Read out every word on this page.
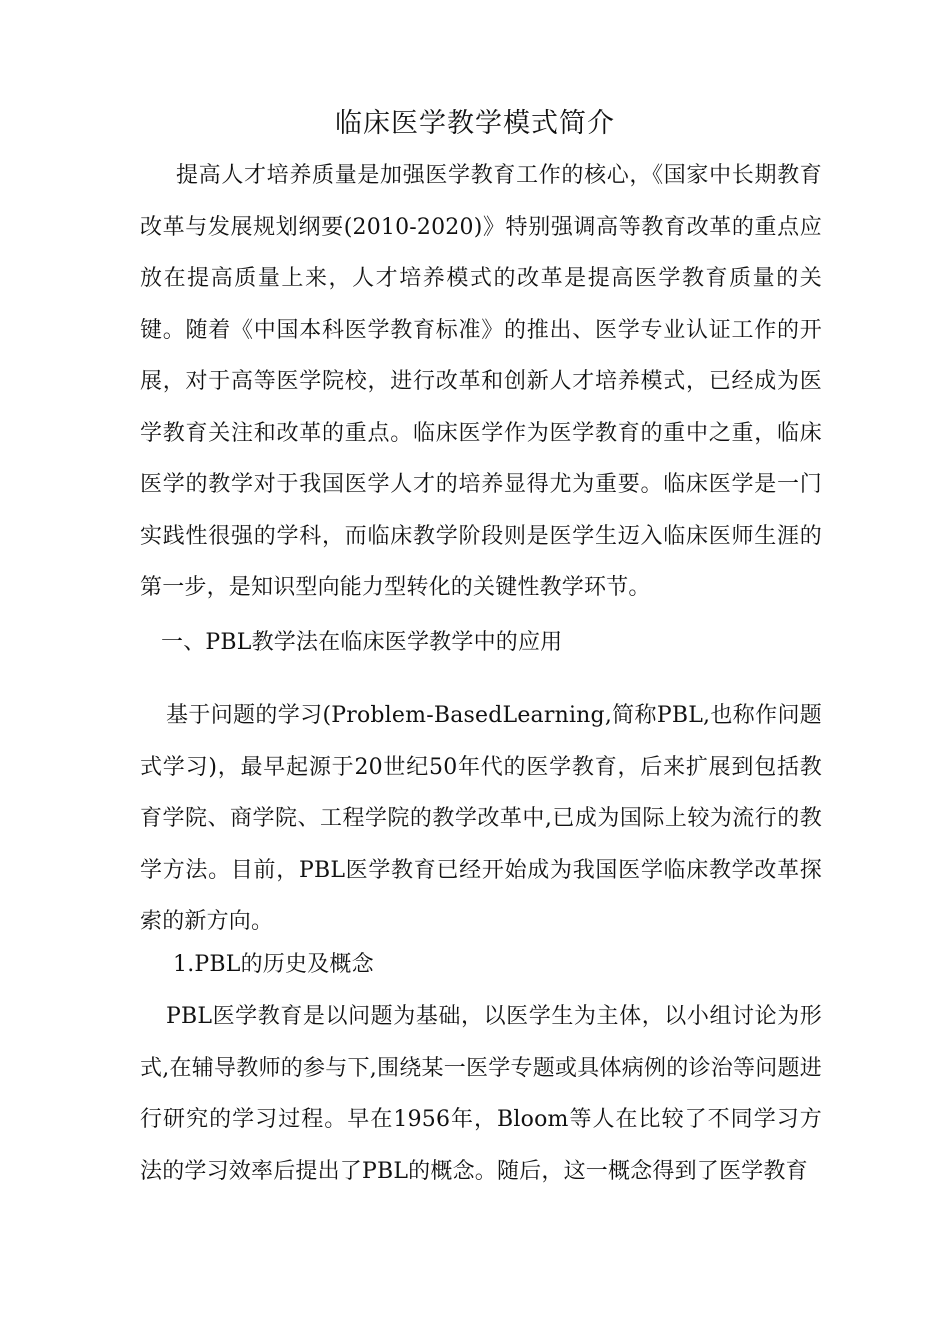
临床医学教学模式简介

提高人才培养质量是加强医学教育工作的核心，《国家中长期教育改革与发展规划纲要(2010-2020)》特别强调高等教育改革的重点应放在提高质量上来，人才培养模式的改革是提高医学教育质量的关键。随着《中国本科医学教育标准》的推出、医学专业认证工作的开展，对于高等医学院校，进行改革和创新人才培养模式，已经成为医学教育关注和改革的重点。临床医学作为医学教育的重中之重，临床医学的教学对于我国医学人才的培养显得尤为重要。临床医学是一门实践性很强的学科，而临床教学阶段则是医学生迈入临床医师生涯的第一步，是知识型向能力型转化的关键性教学环节。

一、PBL教学法在临床医学教学中的应用

基于问题的学习(Problem-BasedLearning,简称PBL,也称作问题式学习)，最早起源于20世纪50年代的医学教育，后来扩展到包括教育学院、商学院、工程学院的教学改革中,已成为国际上较为流行的教学方法。目前，PBL医学教育已经开始成为我国医学临床教学改革探索的新方向。

1.PBL的历史及概念

PBL医学教育是以问题为基础，以医学生为主体，以小组讨论为形式,在辅导教师的参与下,围绕某一医学专题或具体病例的诊治等问题进行研究的学习过程。早在1956年，Bloom等人在比较了不同学习方法的学习效率后提出了PBL的概念。随后，这一概念得到了医学教育
